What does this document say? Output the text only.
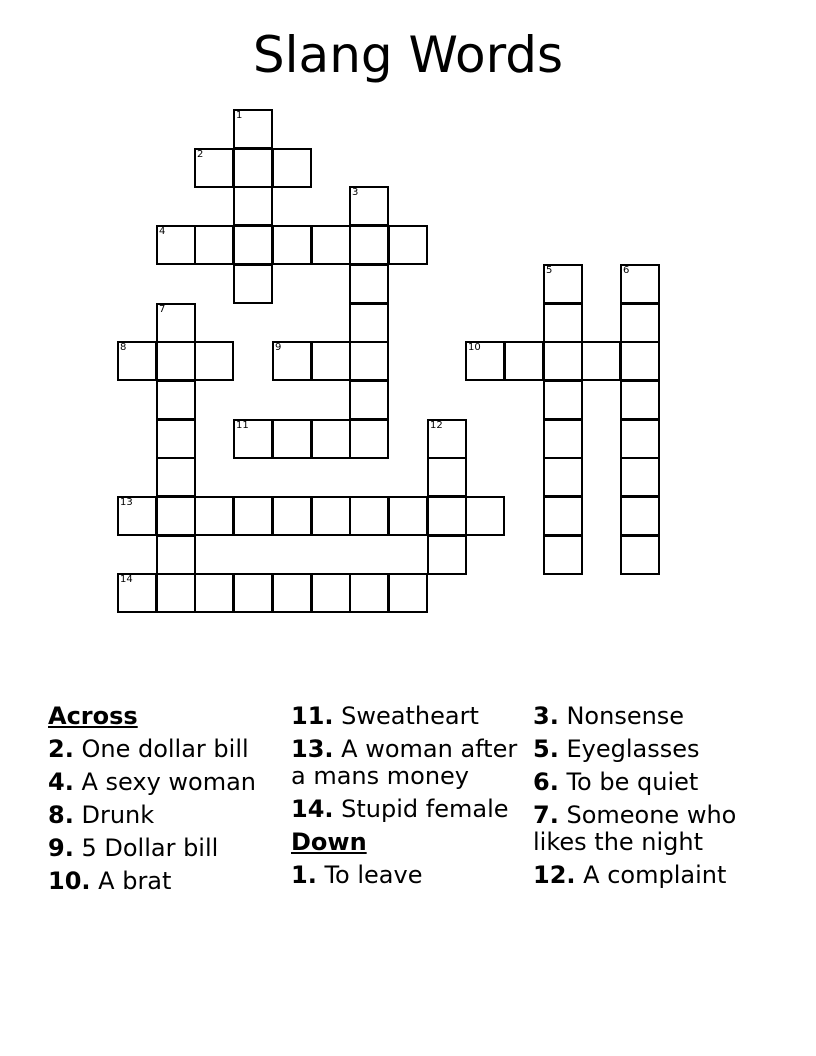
Slang Words
1
2
3
4
5	6
7
8	9	10
11	12
13
14
Across
2. One dollar bill
4. A sexy woman
8. Drunk
9. 5 Dollar bill
10. A brat
11. Sweatheart
13. A woman after a mans money
14. Stupid female
Down
1. To leave
3. Nonsense
5. Eyeglasses
6. To be quiet
7. Someone who likes the night
12. A complaint
